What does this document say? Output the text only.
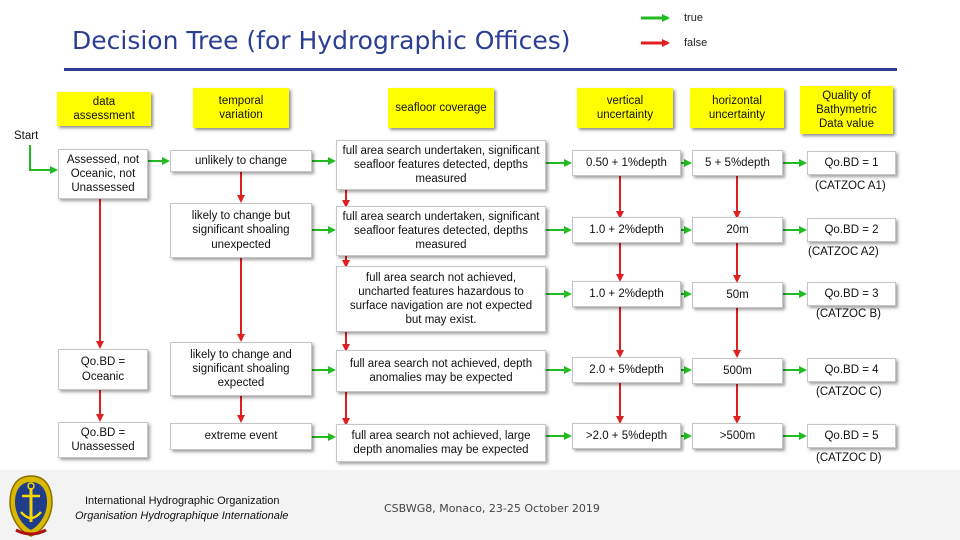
Decision Tree (for Hydrographic Offices)
true
false
Start
data assessment
temporal variation
seafloor coverage
vertical uncertainty
horizontal uncertainty
Quality of Bathymetric Data value
Assessed, not Oceanic, not Unassessed
Qo.BD = Oceanic
Qo.BD = Unassessed
unlikely to change
likely to change but significant shoaling unexpected
likely to change and significant shoaling expected
extreme event
full area search undertaken, significant seafloor features detected, depths measured
full area search undertaken, significant seafloor features detected, depths measured
full area search not achieved, uncharted features hazardous to surface navigation are not expected but may exist.
full area search not achieved, depth anomalies may be expected
full area search not achieved, large depth anomalies may be expected
0.50 + 1%depth
1.0 + 2%depth
1.0 + 2%depth
2.0 + 5%depth
>2.0 + 5%depth
5 + 5%depth
20m
50m
500m
>500m
Qo.BD = 1
Qo.BD = 2
Qo.BD = 3
Qo.BD = 4
Qo.BD = 5
(CATZOC A1)
(CATZOC A2)
(CATZOC B)
(CATZOC C)
(CATZOC D)
International Hydrographic Organization
Organisation Hydrographique Internationale
CSBWG8, Monaco, 23-25 October 2019
